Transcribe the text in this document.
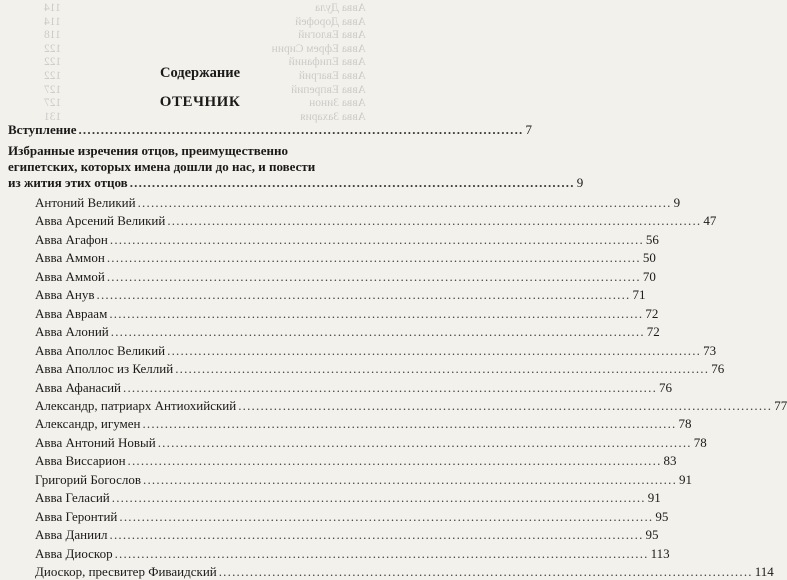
Авва Дула
114
Авва Дорофей
114
Авва Евлогий
118
Авва Ефрем Сирин
122
Авва Епифаний
122
Авва Евагрий
122
Авва Евпрепий
127
Авва Зинон
127
Авва Захария
131
Содержание
ОТЕЧНИК
Вступление .................................................................................................... 7
Избранные изречения отцов, преимущественно
египетских, которых имена дошли до нас, и повести
из жития этих отцов .................................................................................................... 9
Антоний Великий ........................................................................................................................ 9
Авва Арсений Великий ........................................................................................................................ 47
Авва Агафон ........................................................................................................................ 56
Авва Аммон ........................................................................................................................ 50
Авва Аммой ........................................................................................................................ 70
Авва Анув ........................................................................................................................ 71
Авва Авраам ........................................................................................................................ 72
Авва Алоний ........................................................................................................................ 72
Авва Аполлос Великий ........................................................................................................................ 73
Авва Аполлос из Келлий ........................................................................................................................ 76
Авва Афанасий ........................................................................................................................ 76
Александр, патриарх Антиохийский ........................................................................................................................ 77
Александр, игумен ........................................................................................................................ 78
Авва Антоний Новый ........................................................................................................................ 78
Авва Виссарион ........................................................................................................................ 83
Григорий Богослов ........................................................................................................................ 91
Авва Геласий ........................................................................................................................ 91
Авва Геронтий ........................................................................................................................ 95
Авва Даниил ........................................................................................................................ 95
Авва Диоскор ........................................................................................................................ 113
Диоскор, пресвитер Фиваидский ........................................................................................................................ 114
